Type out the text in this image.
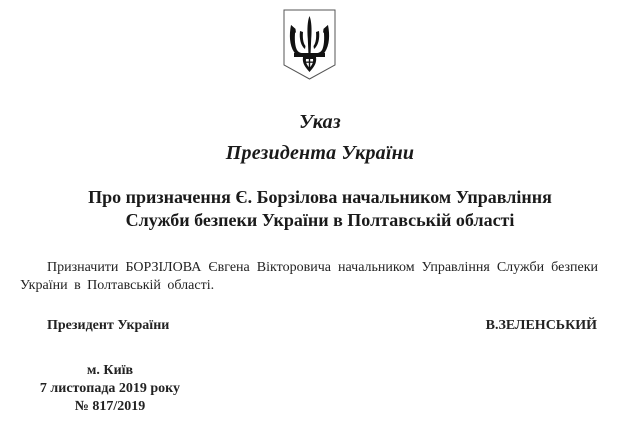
Указ
Президента України
Про призначення Є. Борзілова начальником Управління
Служби безпеки України в Полтавській області
Призначити БОРЗІЛОВА Євгена Вікторовича начальником Управління Служби безпеки України в Полтавській області.
Президент України	В.ЗЕЛЕНСЬКИЙ
м. Київ
7 листопада 2019 року
№ 817/2019
